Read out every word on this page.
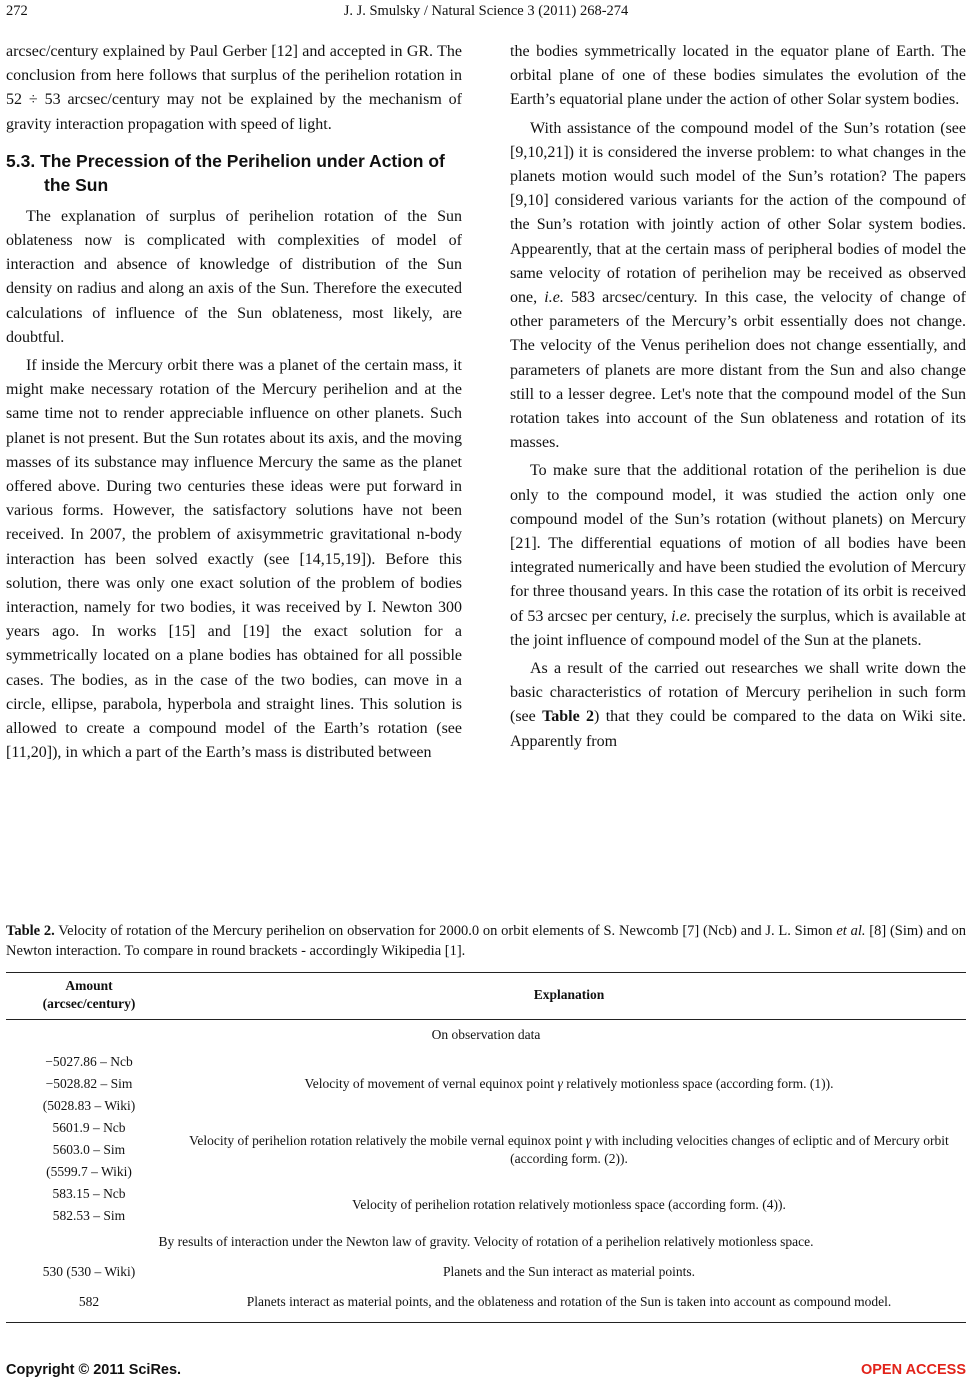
272	J. J. Smulsky / Natural Science 3 (2011) 268-274

arcsec/century explained by Paul Gerber [12] and accepted in GR. The conclusion from here follows that surplus of the perihelion rotation in 52 ÷ 53 arcsec/century may not be explained by the mechanism of gravity interaction propagation with speed of light.

5.3. The Precession of the Perihelion under Action of the Sun

The explanation of surplus of perihelion rotation of the Sun oblateness now is complicated with complexities of model of interaction and absence of knowledge of distribution of the Sun density on radius and along an axis of the Sun. Therefore the executed calculations of influence of the Sun oblateness, most likely, are doubtful.

If inside the Mercury orbit there was a planet of the certain mass, it might make necessary rotation of the Mercury perihelion and at the same time not to render appreciable influence on other planets. Such planet is not present. But the Sun rotates about its axis, and the moving masses of its substance may influence Mercury the same as the planet offered above. During two centuries these ideas were put forward in various forms. However, the satisfactory solutions have not been received. In 2007, the problem of axisymmetric gravitational n-body interaction has been solved exactly (see [14,15,19]). Before this solution, there was only one exact solution of the problem of bodies interaction, namely for two bodies, it was received by I. Newton 300 years ago. In works [15] and [19] the exact solution for a symmetrically located on a plane bodies has obtained for all possible cases. The bodies, as in the case of the two bodies, can move in a circle, ellipse, parabola, hyperbola and straight lines. This solution is allowed to create a compound model of the Earth’s rotation (see [11,20]), in which a part of the Earth’s mass is distributed between

the bodies symmetrically located in the equator plane of Earth. The orbital plane of one of these bodies simulates the evolution of the Earth’s equatorial plane under the action of other Solar system bodies.

With assistance of the compound model of the Sun’s rotation (see [9,10,21]) it is considered the inverse problem: to what changes in the planets motion would such model of the Sun’s rotation? The papers [9,10] considered various variants for the action of the compound of the Sun’s rotation with jointly action of other Solar system bodies. Appearently, that at the certain mass of peripheral bodies of model the same velocity of rotation of perihelion may be received as observed one, i.e. 583 arcsec/century. In this case, the velocity of change of other parameters of the Mercury’s orbit essentially does not change. The velocity of the Venus perihelion does not change essentially, and parameters of planets are more distant from the Sun and also change still to a lesser degree. Let's note that the compound model of the Sun rotation takes into account of the Sun oblateness and rotation of its masses.

To make sure that the additional rotation of the perihelion is due only to the compound model, it was studied the action only one compound model of the Sun’s rotation (without planets) on Mercury [21]. The differential equations of motion of all bodies have been integrated numerically and have been studied the evolution of Mercury for three thousand years. In this case the rotation of its orbit is received of 53 arcsec per century, i.e. precisely the surplus, which is available at the joint influence of compound model of the Sun at the planets.

As a result of the carried out researches we shall write down the basic characteristics of rotation of Mercury perihelion in such form (see Table 2) that they could be compared to the data on Wiki site. Apparently from

Table 2. Velocity of rotation of the Mercury perihelion on observation for 2000.0 on orbit elements of S. Newcomb [7] (Ncb) and J. L. Simon et al. [8] (Sim) and on Newton interaction. To compare in round brackets - accordingly Wikipedia [1].
Amount
(arcsec/century)	Explanation
On observation data	
−5027.86 – Ncb
−5028.82 – Sim
(5028.83 – Wiki)	Velocity of movement of vernal equinox point γ relatively motionless space (according form. (1)).
5601.9 – Ncb
5603.0 – Sim
(5599.7 – Wiki)	Velocity of perihelion rotation relatively the mobile vernal equinox point γ with including velocities changes of ecliptic and of Mercury orbit (according form. (2)).
583.15 – Ncb
582.53 – Sim	Velocity of perihelion rotation relatively motionless space (according form. (4)).
By results of interaction under the Newton law of gravity. Velocity of rotation of a perihelion relatively motionless space.	
530 (530 – Wiki)	Planets and the Sun interact as material points.
582	Planets interact as material points, and the oblateness and rotation of the Sun is taken into account as compound model.
Copyright © 2011 SciRes.	OPEN ACCESS
